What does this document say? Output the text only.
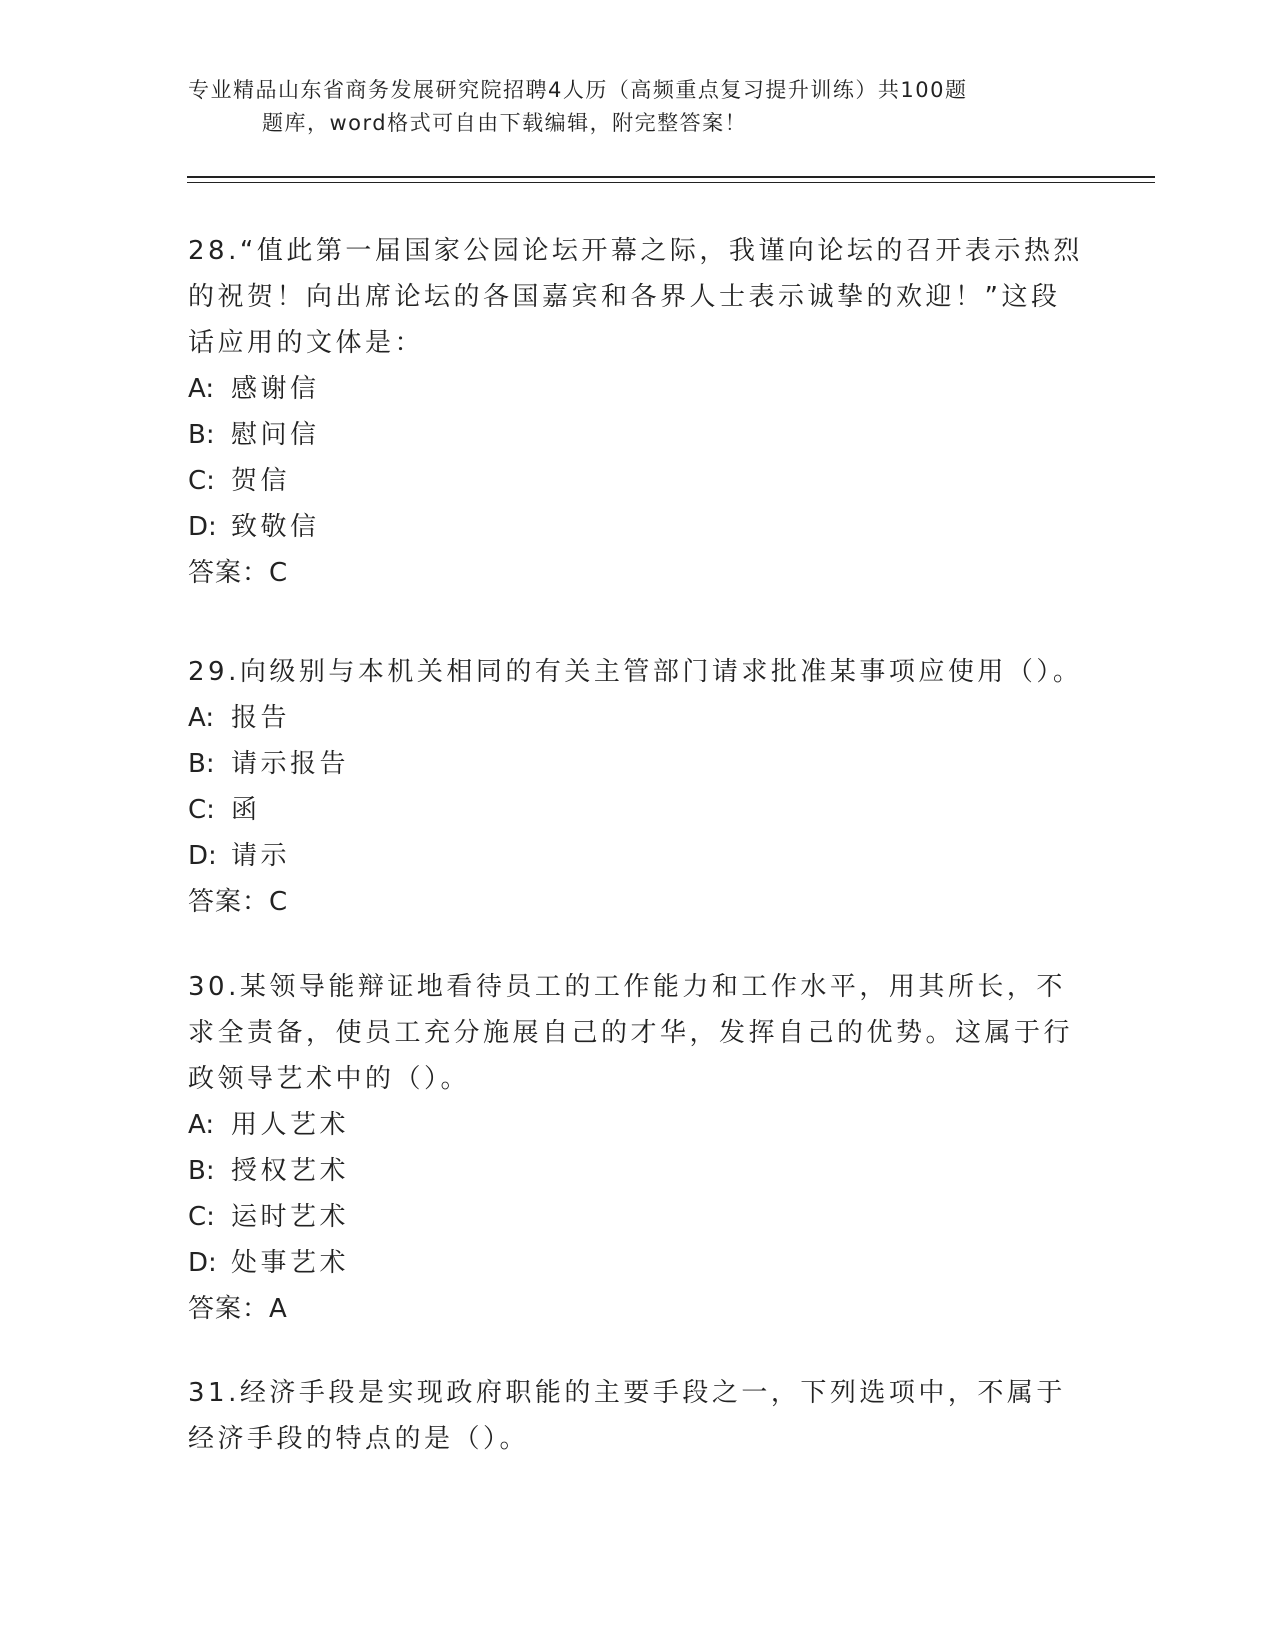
专业精品山东省商务发展研究院招聘4人历（高频重点复习提升训练）共100题
题库，word格式可自由下载编辑，附完整答案！

28.“值此第一届国家公园论坛开幕之际，我谨向论坛的召开表示热烈的祝贺！向出席论坛的各国嘉宾和各界人士表示诚挚的欢迎！”这段话应用的文体是：

A: 感谢信

B: 慰问信

C: 贺信

D: 致敬信

答案：C

29.向级别与本机关相同的有关主管部门请求批准某事项应使用（）。

A: 报告

B: 请示报告

C: 函

D: 请示

答案：C

30.某领导能辩证地看待员工的工作能力和工作水平，用其所长，不求全责备，使员工充分施展自己的才华，发挥自己的优势。这属于行政领导艺术中的（）。

A: 用人艺术

B: 授权艺术

C: 运时艺术

D: 处事艺术

答案：A

31.经济手段是实现政府职能的主要手段之一，下列选项中，不属于经济手段的特点的是（）。
